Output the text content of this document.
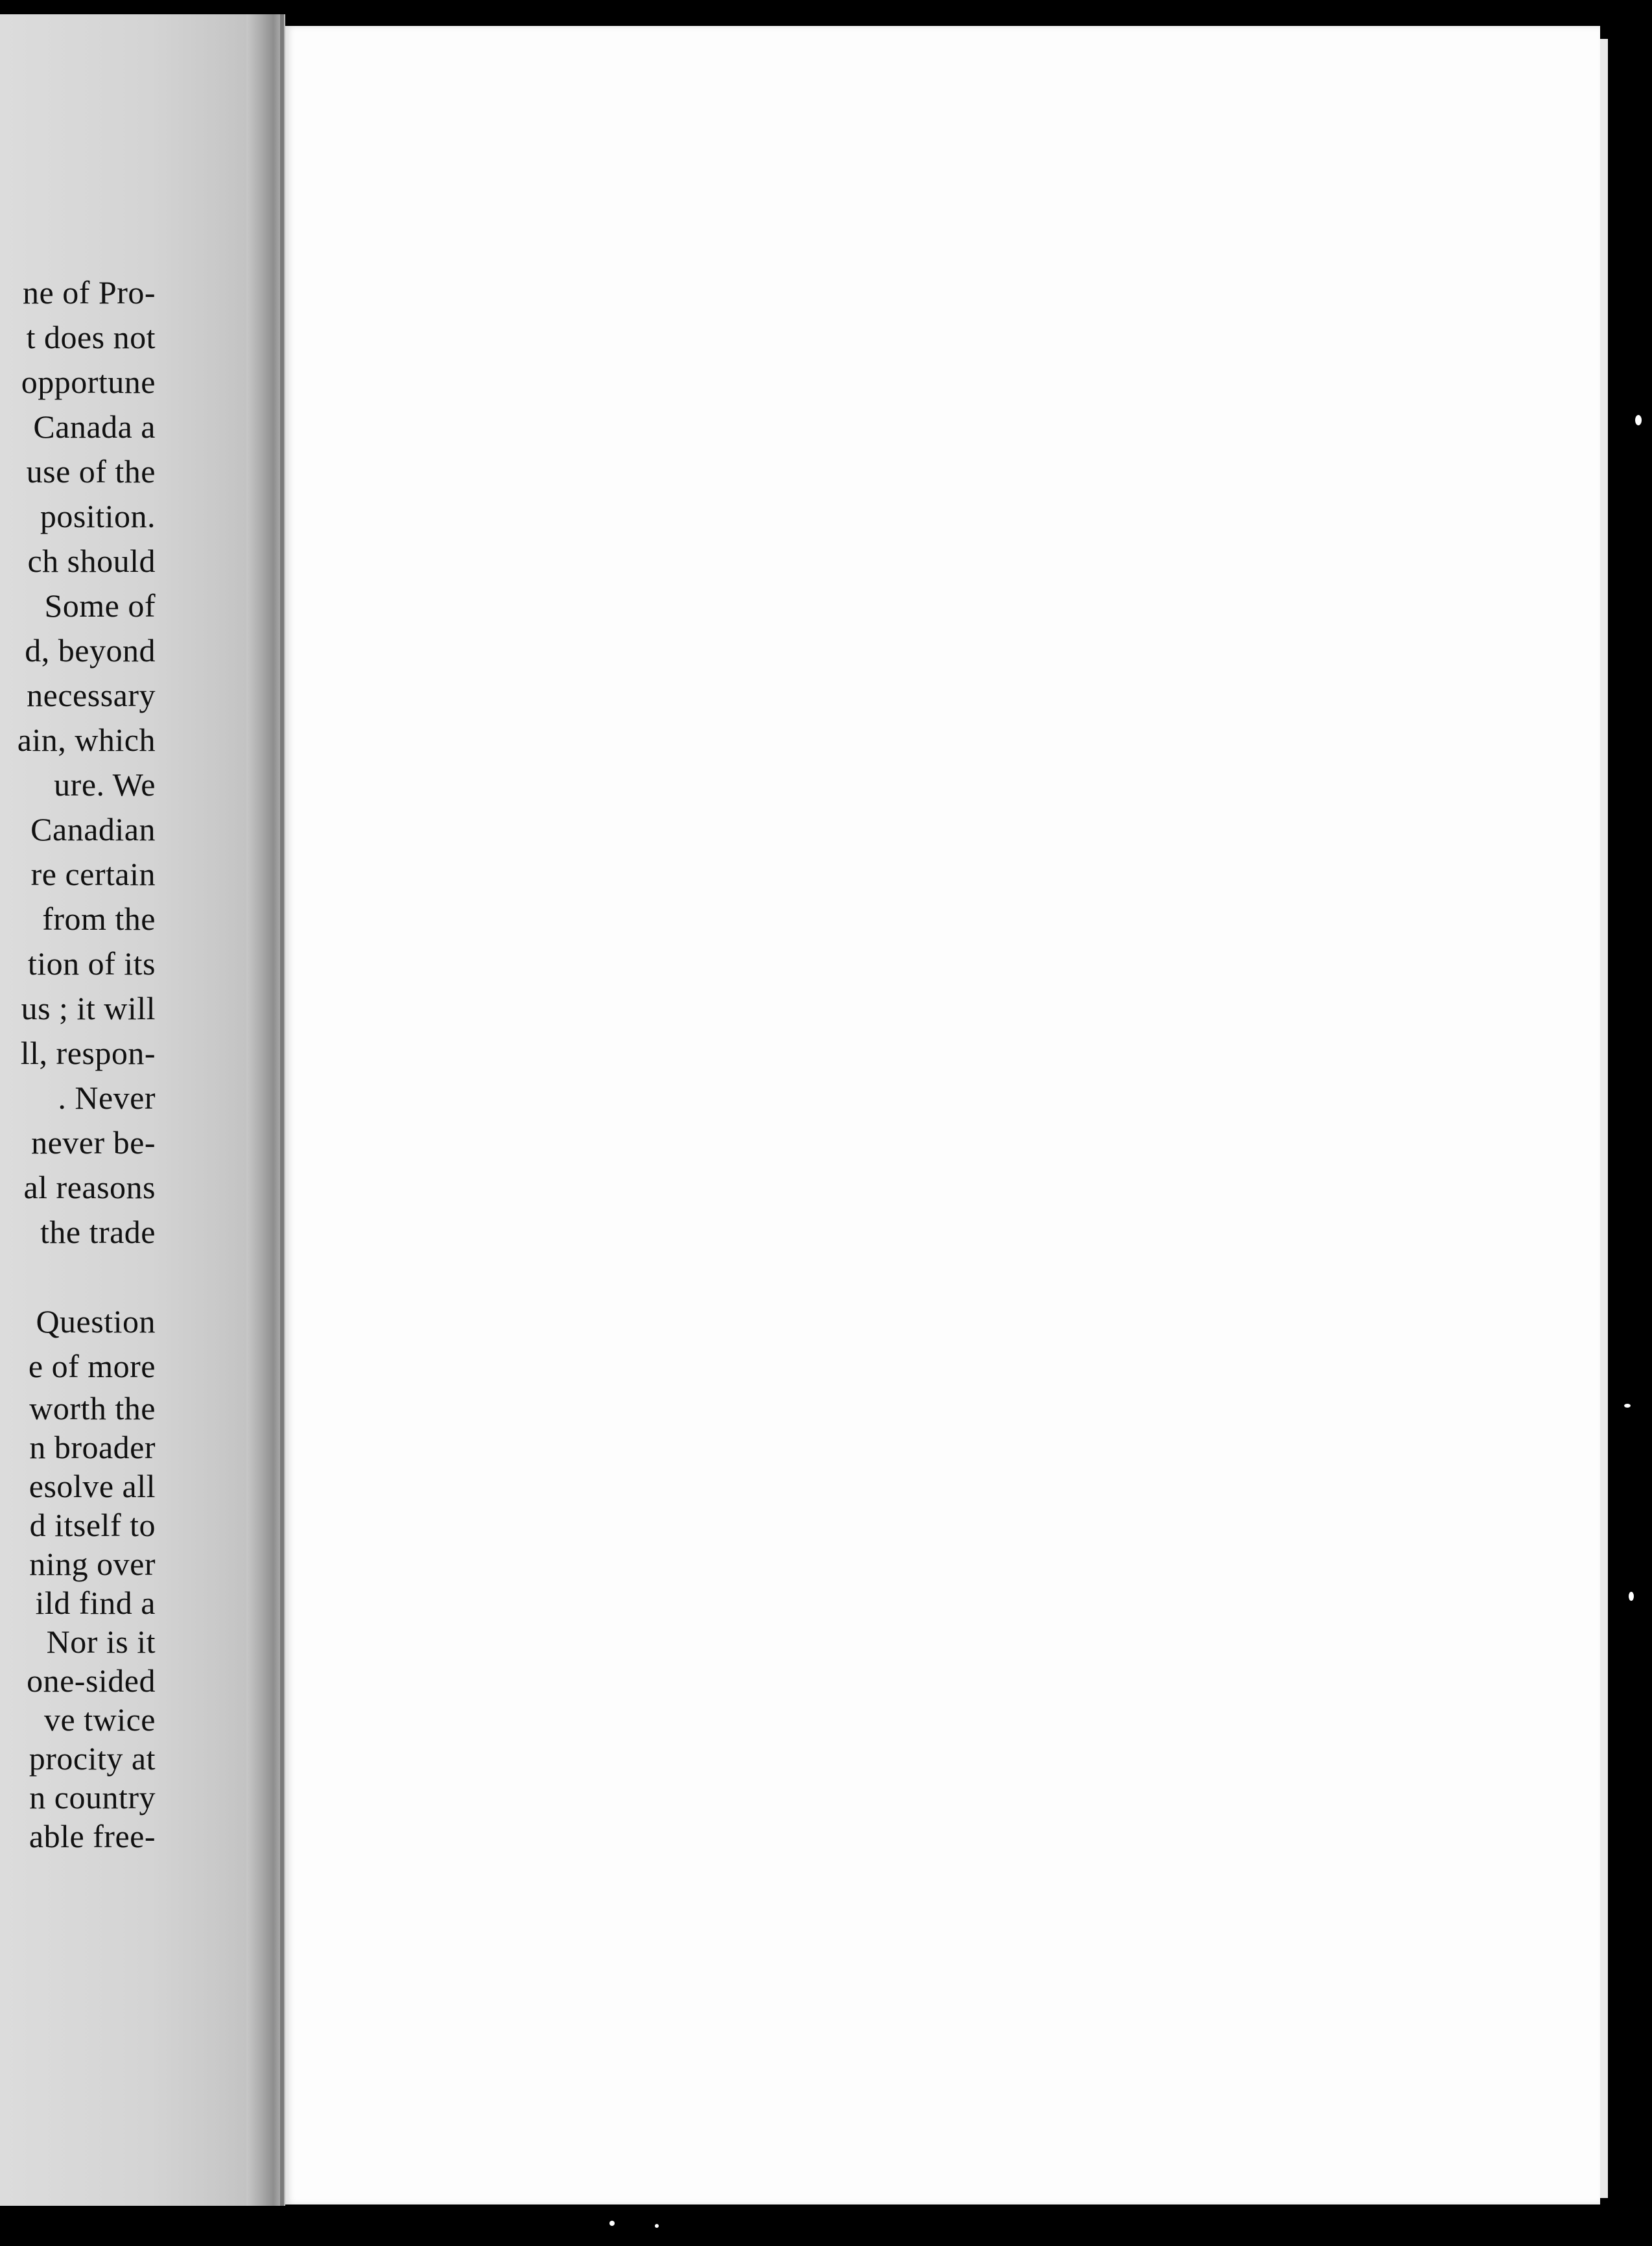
ne of Pro-
t does not
opportune
Canada a
use of the
position.
ch should
Some of
d, beyond
necessary
ain, which
ure. We
Canadian
re certain
from the
tion of its
us ; it will
ll, respon-
. Never
never be-
al reasons
the trade
Question
e of more
worth the
n broader
esolve all
d itself to
ning over
ild find a
Nor is it
one-sided
ve twice
procity at
n country
able free-
